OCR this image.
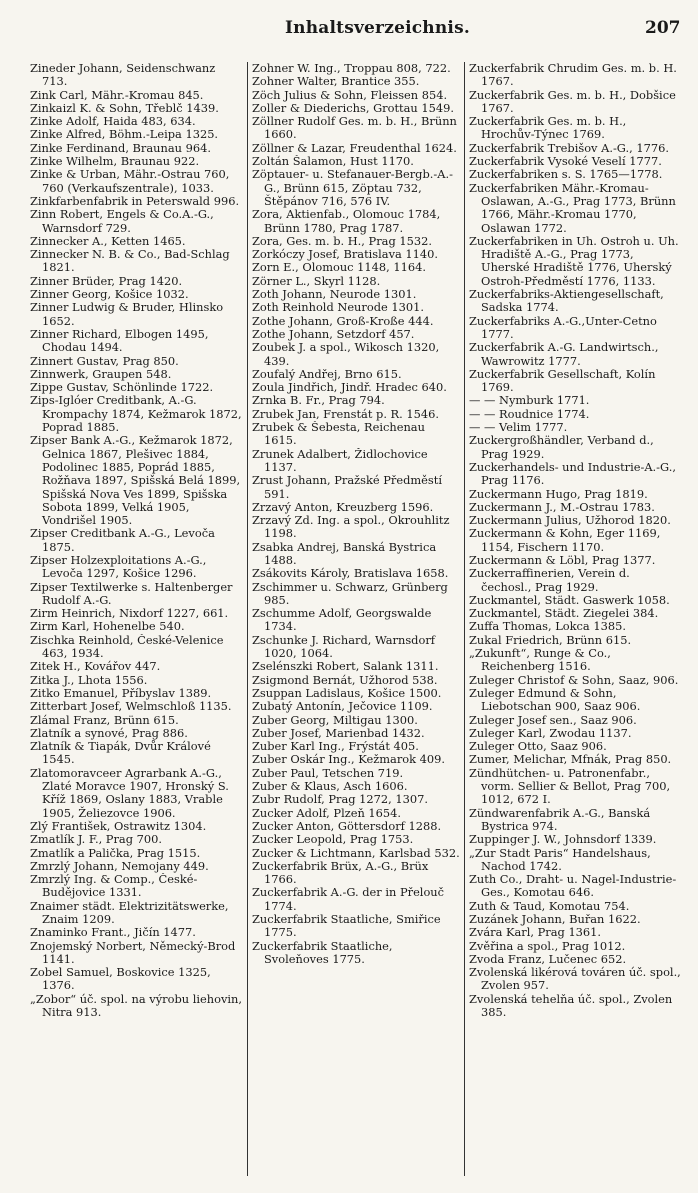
Inhaltsverzeichnis.	207

Zineder Johann, Seidenschwanz 713.

Zink Carl, Mähr.-Kromau 845.

Zinkaizl K. & Sohn, Třeblč 1439.

Zinke Adolf, Haida 483, 634.

Zinke Alfred, Böhm.-Leipa 1325.

Zinke Ferdinand, Braunau 964.

Zinke Wilhelm, Braunau 922.

Zinke & Urban, Mähr.-Ostrau 760, 760 (Verkaufszentrale), 1033.

Zinkfarbenfabrik in Peterswald 996.

Zinn Robert, Engels & Co.A.-G., Warnsdorf 729.

Zinnecker A., Ketten 1465.

Zinnecker N. B. & Co., Bad-Schlag 1821.

Zinner Brüder, Prag 1420.

Zinner Georg, Košice 1032.

Zinner Ludwig & Bruder, Hlinsko 1652.

Zinner Richard, Elbogen 1495, Chodau 1494.

Zinnert Gustav, Prag 850.

Zinnwerk, Graupen 548.

Zippe Gustav, Schönlinde 1722.

Zips-Iglóer Creditbank, A.-G. Krompachy 1874, Kežmarok 1872, Poprad 1885.

Zipser Bank A.-G., Kežmarok 1872, Gelnica 1867, Plešivec 1884, Podolinec 1885, Poprád 1885, Rožňava 1897, Spišská Belá 1899, Spišská Nova Ves 1899, Spišska Sobota 1899, Velká 1905, Vondrišel 1905.

Zipser Creditbank A.-G., Levoča 1875.

Zipser Holzexploitations A.-G., Levoča 1297, Košice 1296.

Zipser Textilwerke s. Haltenberger Rudolf A.-G.

Zirm Heinrich, Nixdorf 1227, 661.

Zirm Karl, Hohenelbe 540.

Zischka Reinhold, České-Velenice 463, 1934.

Zitek H., Kovářov 447.

Zitka J., Lhota 1556.

Zitko Emanuel, Příbyslav 1389.

Zitterbart Josef, Welmschloß 1135.

Zlámal Franz, Brünn 615.

Zlatník a synové, Prag 886.

Zlatník & Tiapák, Dvůr Králové 1545.

Zlatomoravceer Agrarbank A.-G., Zlaté Moravce 1907, Hronský S. Kříž 1869, Oslany 1883, Vrable 1905, Želiezovce 1906.

Zlý František, Ostrawitz 1304.

Zmatlík J. F., Prag 700.

Zmatlík a Palička, Prag 1515.

Zmrzlý Johann, Nemojany 449.

Zmrzlý Ing. & Comp., České-Budějovice 1331.

Znaimer städt. Elektrizitätswerke, Znaim 1209.

Znaminko Frant., Jičín 1477.

Znojemský Norbert, Německý-Brod 1141.

Zobel Samuel, Boskovice 1325, 1376.

„Zobor“ úč. spol. na výrobu liehovin, Nitra 913.

Zohner W. Ing., Troppau 808, 722.

Zohner Walter, Brantice 355.

Zöch Julius & Sohn, Fleissen 854.

Zoller & Diederichs, Grottau 1549.

Zöllner Rudolf Ges. m. b. H., Brünn 1660.

Zöllner & Lazar, Freudenthal 1624.

Zoltán Šalamon, Hust 1170.

Zöptauer- u. Stefanauer-Bergb.-A.-G., Brünn 615, Zöptau 732, Štěpánov 716, 576 IV.

Zora, Aktienfab., Olomouc 1784, Brünn 1780, Prag 1787.

Zora, Ges. m. b. H., Prag 1532.

Zorkóczy Josef, Bratislava 1140.

Zorn E., Olomouc 1148, 1164.

Zörner L., Skyrl 1128.

Zoth Johann, Neurode 1301.

Zoth Reinhold Neurode 1301.

Zothe Johann, Groß-Kroße 444.

Zothe Johann, Setzdorf 457.

Zoubek J. a spol., Wikosch 1320, 439.

Zoufalý Andřej, Brno 615.

Zoula Jindřich, Jindř. Hradec 640.

Zrnka B. Fr., Prag 794.

Zrubek Jan, Frenstát p. R. 1546.

Zrubek & Šebesta, Reichenau 1615.

Zrunek Adalbert, Židlochovice 1137.

Zrust Johann, Pražské Předměstí 591.

Zrzavý Anton, Kreuzberg 1596.

Zrzavý Zd. Ing. a spol., Okrouhlitz 1198.

Zsabka Andrej, Banská Bystrica 1488.

Zsákovits Károly, Bratislava 1658.

Zschimmer u. Schwarz, Grünberg 985.

Zschumme Adolf, Georgswalde 1734.

Zschunke J. Richard, Warnsdorf 1020, 1064.

Zselénszki Robert, Salank 1311.

Zsigmond Bernát, Užhorod 538.

Zsuppan Ladislaus, Košice 1500.

Zubatý Antonín, Ječovice 1109.

Zuber Georg, Miltigau 1300.

Zuber Josef, Marienbad 1432.

Zuber Karl Ing., Frýstát 405.

Zuber Oskár Ing., Kežmarok 409.

Zuber Paul, Tetschen 719.

Zuber & Klaus, Asch 1606.

Zubr Rudolf, Prag 1272, 1307.

Zucker Adolf, Plzeň 1654.

Zucker Anton, Göttersdorf 1288.

Zucker Leopold, Prag 1753.

Zucker & Lichtmann, Karlsbad 532.

Zuckerfabrik Brüx, A.-G., Brüx 1766.

Zuckerfabrik A.-G. der in Přelouč 1774.

Zuckerfabrik Staatliche, Smiřice 1775.

Zuckerfabrik Staatliche, Svoleňoves 1775.

Zuckerfabrik Chrudim Ges. m. b. H. 1767.

Zuckerfabrik Ges. m. b. H., Dobšice 1767.

Zuckerfabrik Ges. m. b. H., Hrochův-Týnec 1769.

Zuckerfabrik Trebišov A.-G., 1776.

Zuckerfabrik Vysoké Veselí 1777.

Zuckerfabriken s. S. 1765—1778.

Zuckerfabriken Mähr.-Kromau-Oslawan, A.-G., Prag 1773, Brünn 1766, Mähr.-Kromau 1770, Oslawan 1772.

Zuckerfabriken in Uh. Ostroh u. Uh. Hradiště A.-G., Prag 1773, Uherské Hradiště 1776, Uherský Ostroh-Předměstí 1776, 1133.

Zuckerfabriks-Aktiengesellschaft, Sadska 1774.

Zuckerfabriks A.-G.,Unter-Cetno 1777.

Zuckerfabrik A.-G. Landwirtsch., Wawrowitz 1777.

Zuckerfabrik Gesellschaft, Kolín 1769.

— — Nymburk 1771.

— — Roudnice 1774.

— — Velim 1777.

Zuckergroßhändler, Verband d., Prag 1929.

Zuckerhandels- und Industrie-A.-G., Prag 1176.

Zuckermann Hugo, Prag 1819.

Zuckermann J., M.-Ostrau 1783.

Zuckermann Julius, Užhorod 1820.

Zuckermann & Kohn, Eger 1169, 1154, Fischern 1170.

Zuckermann & Löbl, Prag 1377.

Zuckerraffinerien, Verein d. čechosl., Prag 1929.

Zuckmantel, Städt. Gaswerk 1058.

Zuckmantel, Städt. Ziegelei 384.

Zuffa Thomas, Lokca 1385.

Zukal Friedrich, Brünn 615.

„Zukunft“, Runge & Co., Reichenberg 1516.

Zuleger Christof & Sohn, Saaz, 906.

Zuleger Edmund & Sohn, Liebotschan 900, Saaz 906.

Zuleger Josef sen., Saaz 906.

Zuleger Karl, Zwodau 1137.

Zuleger Otto, Saaz 906.

Zumer, Melichar, Mfnák, Prag 850.

Zündhütchen- u. Patronenfabr., vorm. Sellier & Bellot, Prag 700, 1012, 672 I.

Zündwarenfabrik A.-G., Banská Bystrica 974.

Zuppinger J. W., Johnsdorf 1339.

„Zur Stadt Paris“ Handelshaus, Nachod 1742.

Zuth Co., Draht- u. Nagel-Industrie-Ges., Komotau 646.

Zuth & Taud, Komotau 754.

Zuzánek Johann, Buřan 1622.

Zvára Karl, Prag 1361.

Zvěřina a spol., Prag 1012.

Zvoda Franz, Lučenec 652.

Zvolenská likérová továren úč. spol., Zvolen 957.

Zvolenská tehelňa úč. spol., Zvolen 385.
